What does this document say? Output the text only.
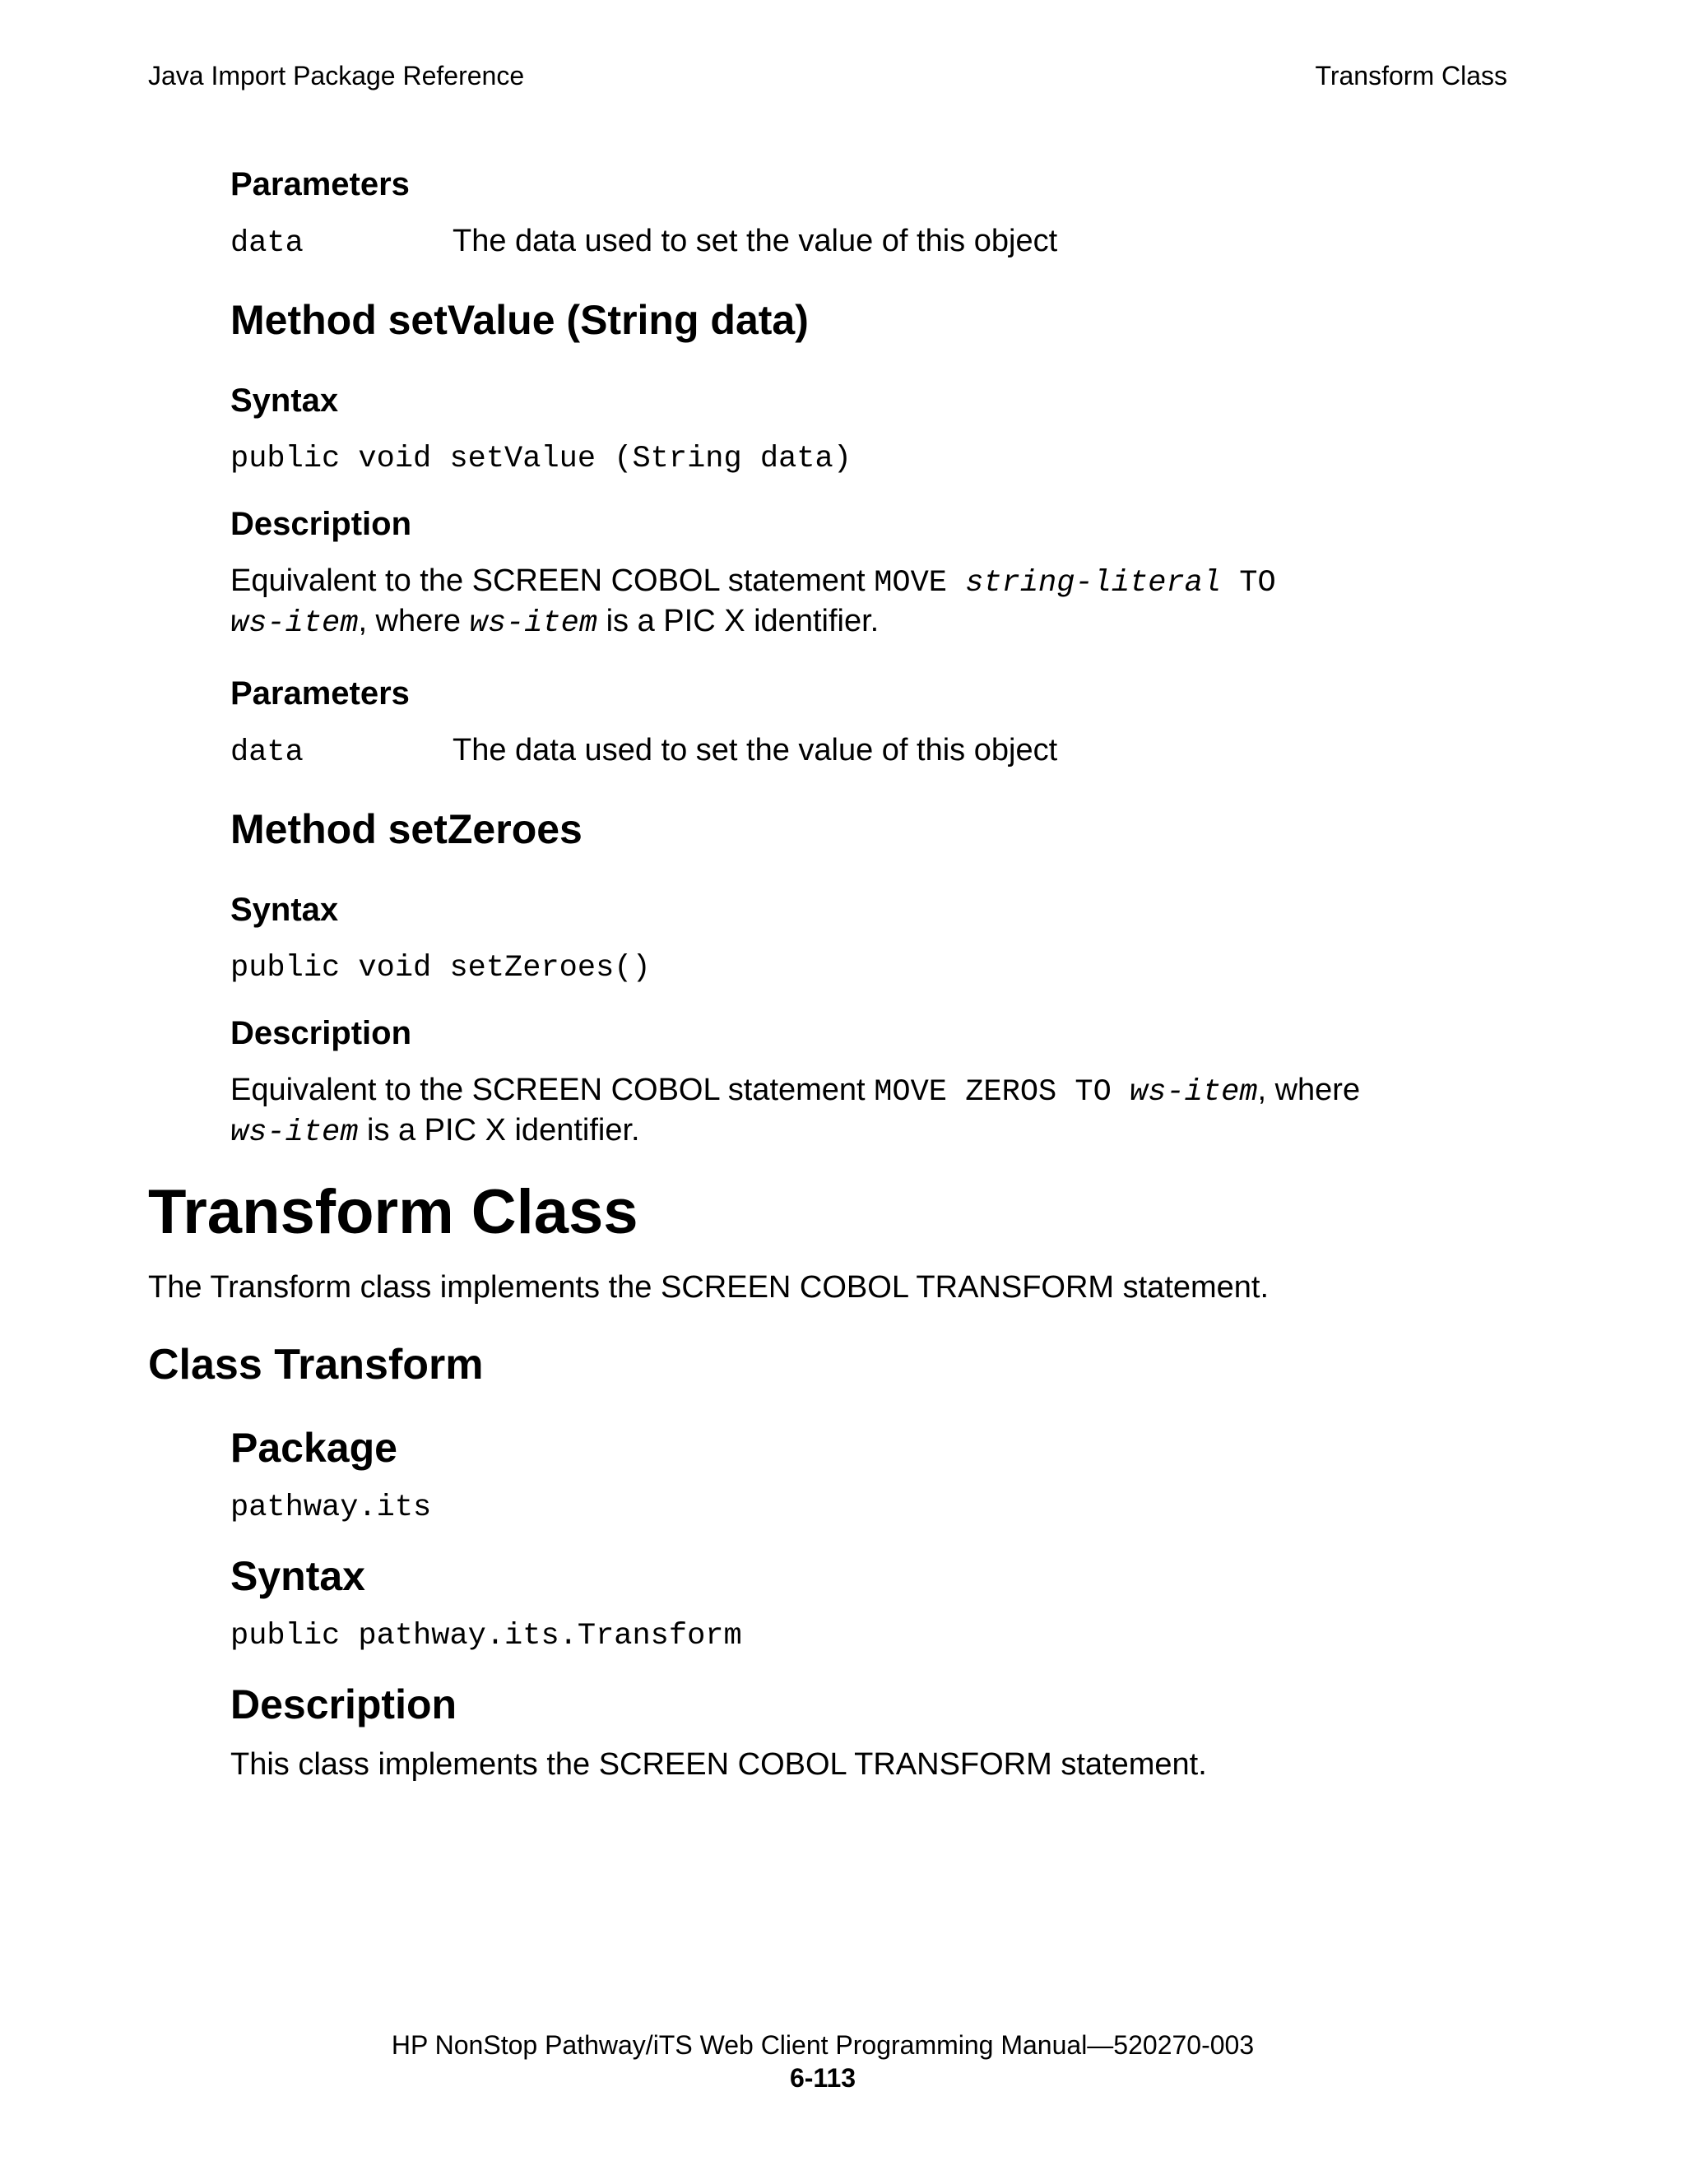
Java Import Package Reference	Transform Class
Parameters
data	The data used to set the value of this object
Method setValue (String data)
Syntax

public void setValue (String data)

Description

Equivalent to the SCREEN COBOL statement MOVE string-literal TO
ws-item, where ws-item is a PIC X identifier.

Parameters
data	The data used to set the value of this object
Method setZeroes
Syntax

public void setZeroes()

Description

Equivalent to the SCREEN COBOL statement MOVE ZEROS TO ws-item, where
ws-item is a PIC X identifier.

Transform Class

The Transform class implements the SCREEN COBOL TRANSFORM statement.

Class Transform
Package

pathway.its

Syntax

public pathway.its.Transform

Description

This class implements the SCREEN COBOL TRANSFORM statement.

HP NonStop Pathway/iTS Web Client Programming Manual—520270-003
6-113
